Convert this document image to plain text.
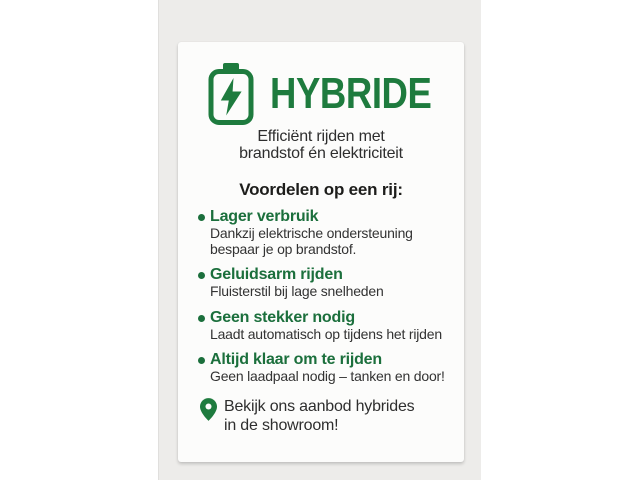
HYBRIDE
Efficiënt rijden met
brandstof én elektriciteit
Voordelen op een rij:
Lager verbruik
Dankzij elektrische ondersteuning bespaar je op brandstof.
Geluidsarm rijden
Fluisterstil bij lage snelheden
Geen stekker nodig
Laadt automatisch op tijdens het rijden
Altijd klaar om te rijden
Geen laadpaal nodig – tanken en door!
Bekijk ons aanbod hybrides
in de showroom!
